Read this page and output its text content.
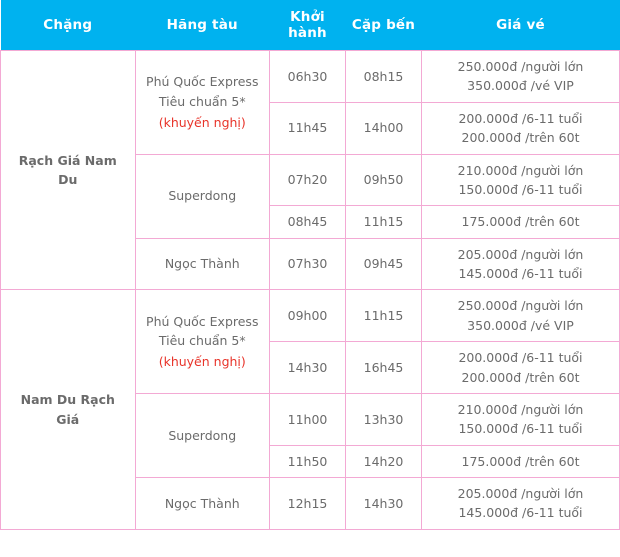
Chặng	Hãng tàu	Khởi hành	Cặp bến	Giá vé
Rạch Giá Nam Du	Phú Quốc Express
Tiêu chuẩn 5*
(khuyến nghị)	06h30	08h15	250.000đ /người lớn
350.000đ /vé VIP

		11h45	14h00	200.000đ /6-11 tuổi
200.000đ /trên 60t

	Superdong	07h20	09h50	210.000đ /người lớn
150.000đ /6-11 tuổi

		08h45	11h15	175.000đ /trên 60t

	Ngọc Thành	07h30	09h45	205.000đ /người lớn
145.000đ /6-11 tuổi

Nam Du Rạch Giá	Phú Quốc Express
Tiêu chuẩn 5*
(khuyến nghị)	09h00	11h15	250.000đ /người lớn
350.000đ /vé VIP

		14h30	16h45	200.000đ /6-11 tuổi
200.000đ /trên 60t

	Superdong	11h00	13h30	210.000đ /người lớn
150.000đ /6-11 tuổi

		11h50	14h20	175.000đ /trên 60t

	Ngọc Thành	12h15	14h30	205.000đ /người lớn
145.000đ /6-11 tuổi
